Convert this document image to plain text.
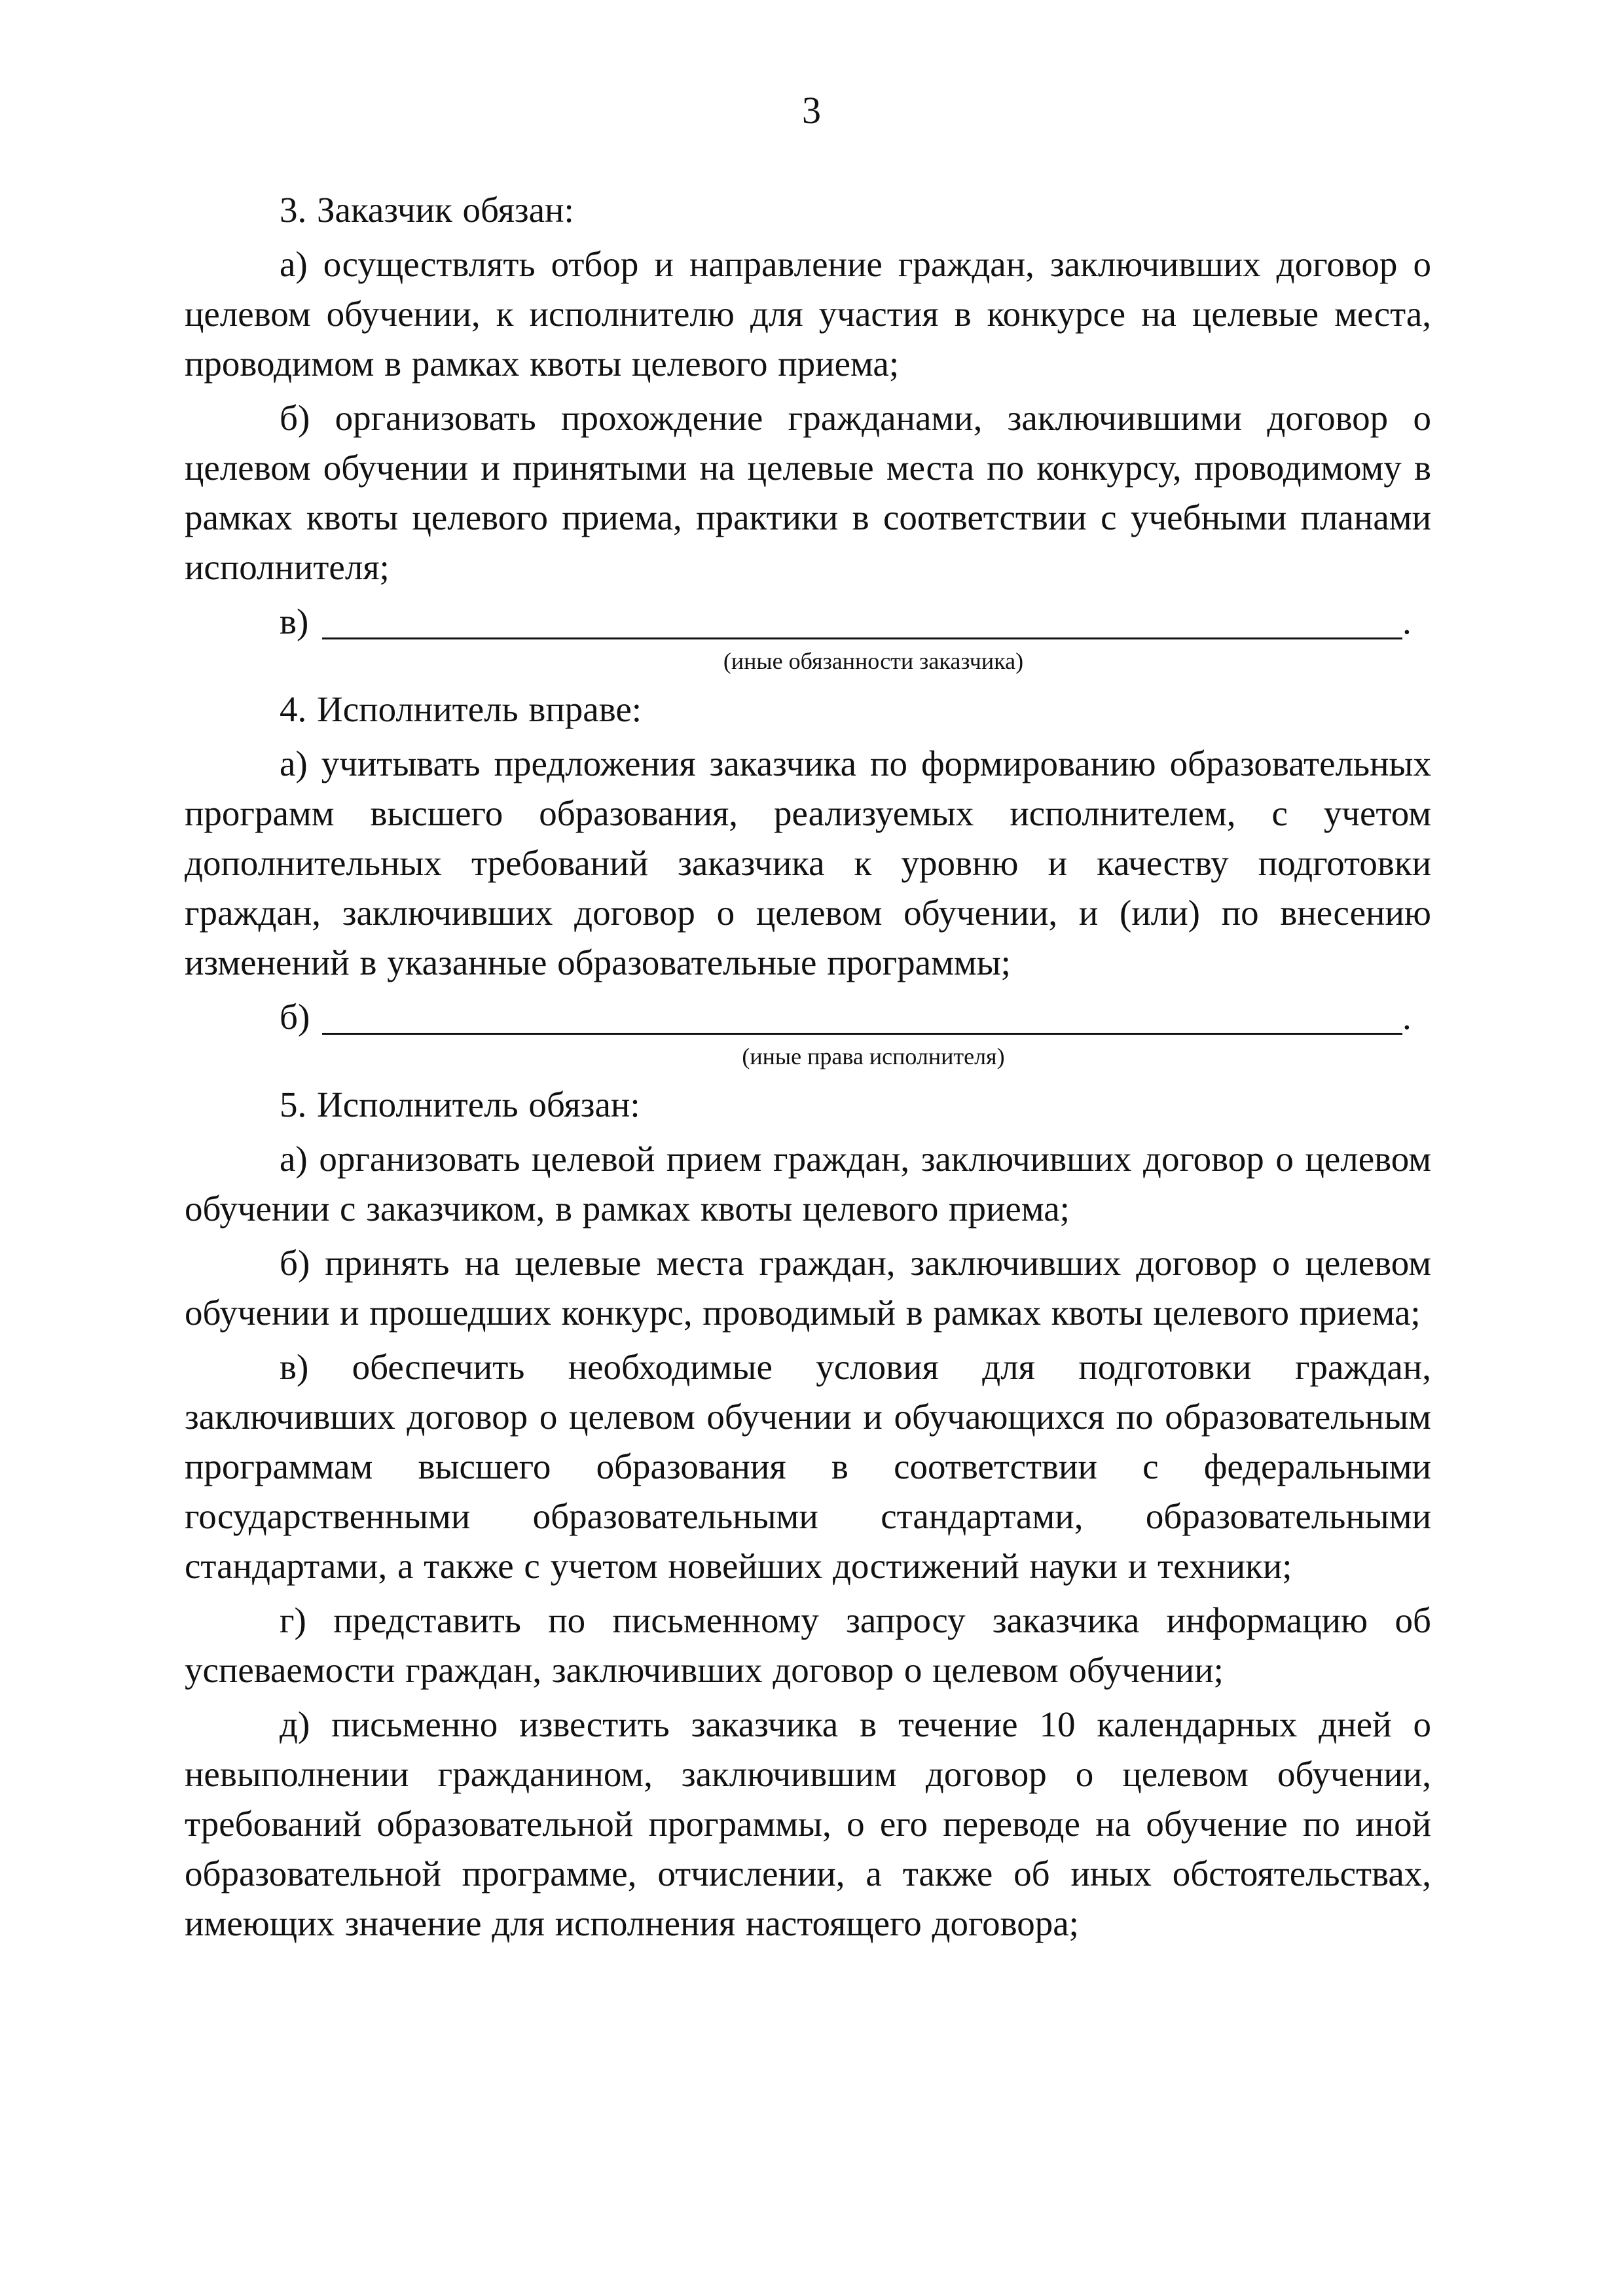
3

3. Заказчик обязан:

а) осуществлять отбор и направление граждан, заключивших договор о целевом обучении, к исполнителю для участия в конкурсе на целевые места, проводимом в рамках квоты целевого приема;

б) организовать прохождение гражданами, заключившими договор о целевом обучении и принятыми на целевые места по конкурсу, проводимому в рамках квоты целевого приема, практики в соответствии с учебными планами исполнителя;

в)	.
(иные обязанности заказчика)

4. Исполнитель вправе:

а) учитывать предложения заказчика по формированию образовательных программ высшего образования, реализуемых исполнителем, с учетом дополнительных требований заказчика к уровню и качеству подготовки граждан, заключивших договор о целевом обучении, и (или) по внесению изменений в указанные образовательные программы;

б)	.
(иные права исполнителя)

5. Исполнитель обязан:

а) организовать целевой прием граждан, заключивших договор о целевом обучении с заказчиком, в рамках квоты целевого приема;

б) принять на целевые места граждан, заключивших договор о целевом обучении и прошедших конкурс, проводимый в рамках квоты целевого приема;

в) обеспечить необходимые условия для подготовки граждан, заключивших договор о целевом обучении и обучающихся по образовательным программам высшего образования в соответствии с федеральными государственными образовательными стандартами, образовательными стандартами, а также с учетом новейших достижений науки и техники;

г) представить по письменному запросу заказчика информацию об успеваемости граждан, заключивших договор о целевом обучении;

д) письменно известить заказчика в течение 10 календарных дней о невыполнении гражданином, заключившим договор о целевом обучении, требований образовательной программы, о его переводе на обучение по иной образовательной программе, отчислении, а также об иных обстоятельствах, имеющих значение для исполнения настоящего договора;
